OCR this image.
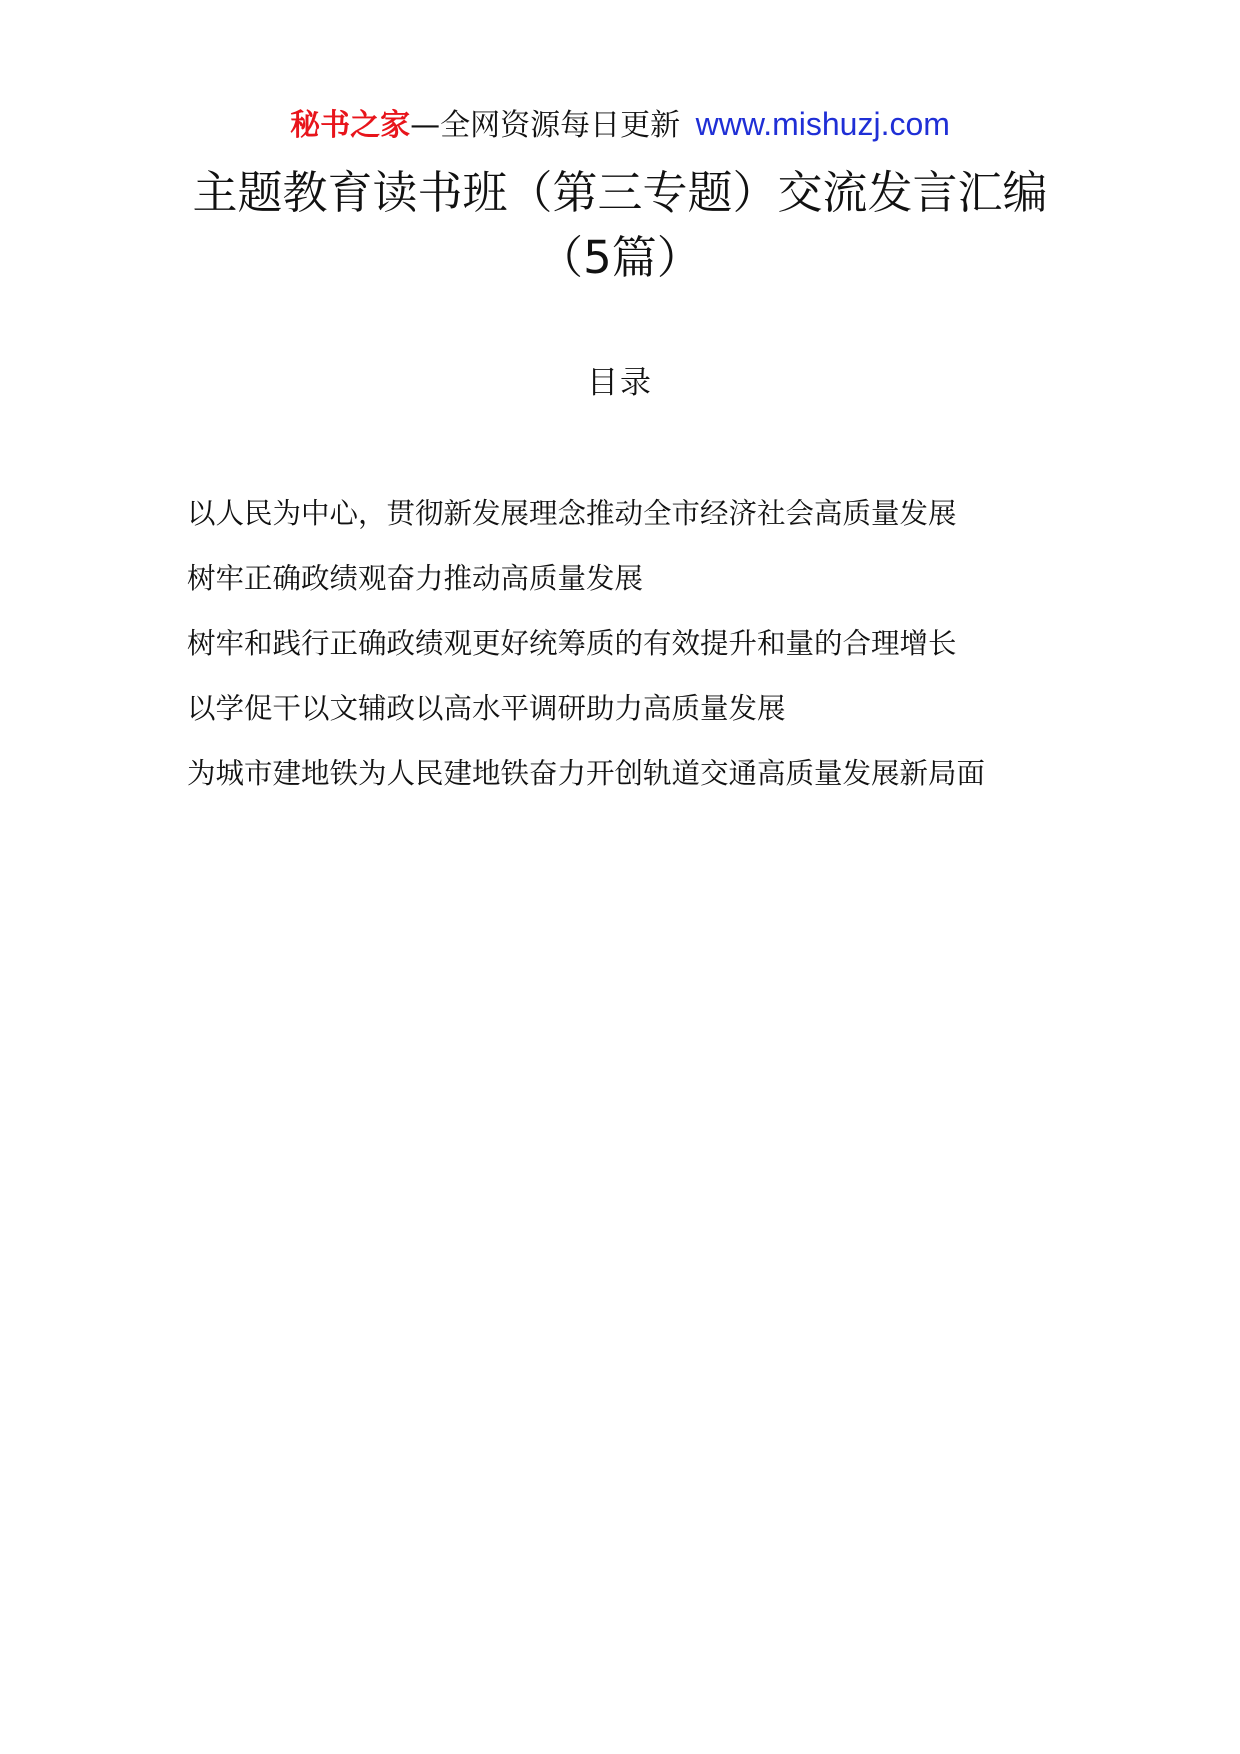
秘书之家—全网资源每日更新 www.mishuzj.com
主题教育读书班（第三专题）交流发言汇编（5篇）
目录
以人民为中心，贯彻新发展理念推动全市经济社会高质量发展
树牢正确政绩观奋力推动高质量发展
树牢和践行正确政绩观更好统筹质的有效提升和量的合理增长
以学促干以文辅政以高水平调研助力高质量发展
为城市建地铁为人民建地铁奋力开创轨道交通高质量发展新局面
